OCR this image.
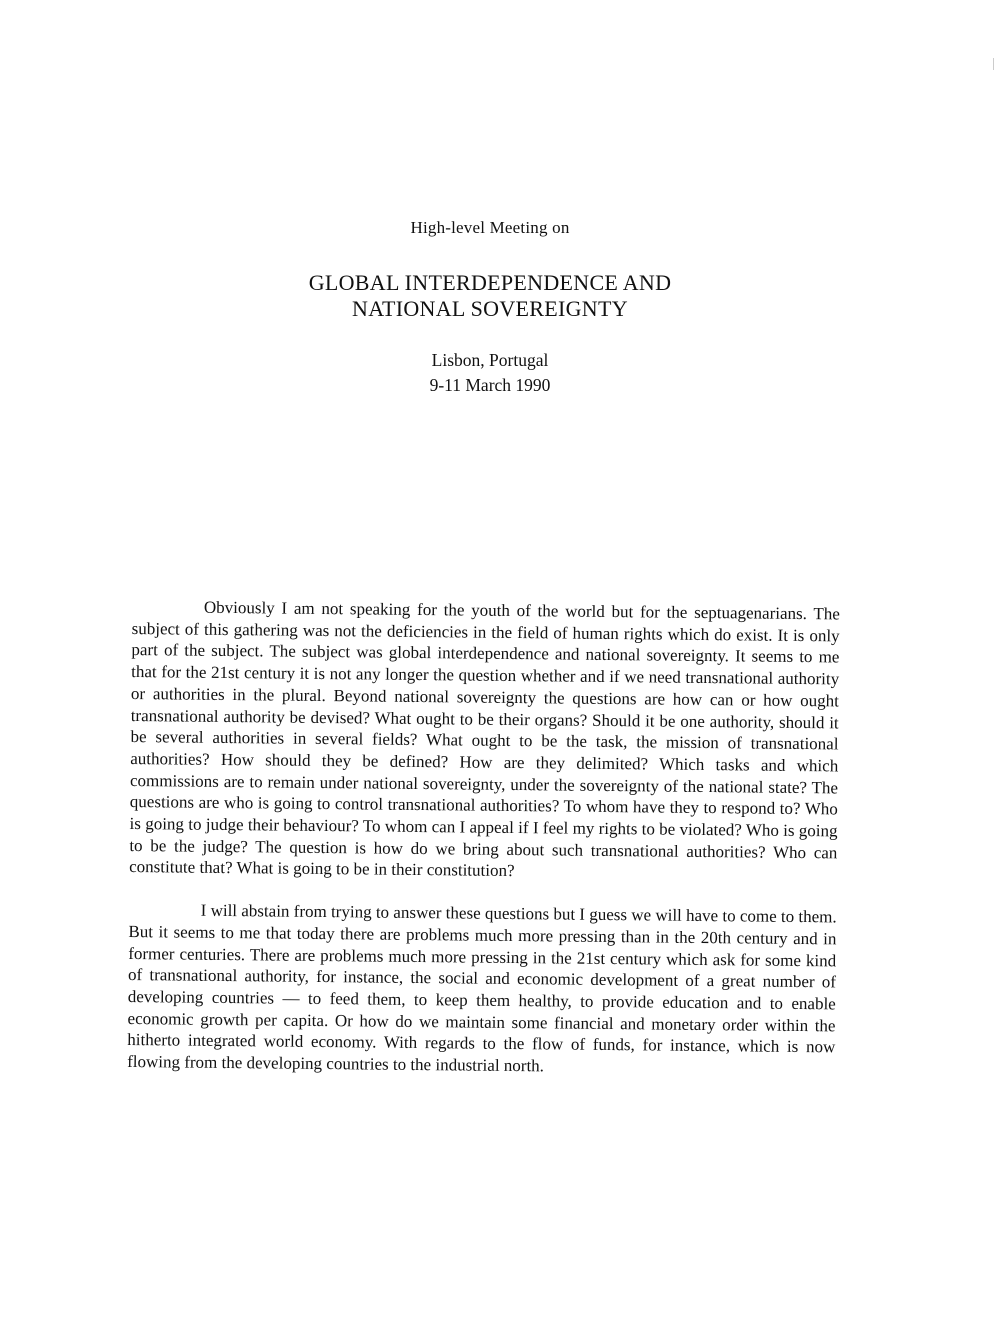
High-level Meeting on
GLOBAL INTERDEPENDENCE AND
NATIONAL SOVEREIGNTY
Lisbon, Portugal
9-11 March 1990

Obviously I am not speaking for the youth of the world but for the septuagenarians. The subject of this gathering was not the deficiencies in the field of human rights which do exist. It is only part of the subject. The subject was global interdependence and national sovereignty. It seems to me that for the 21st century it is not any longer the question whether and if we need transnational authority or authorities in the plural. Beyond national sovereignty the questions are how can or how ought transnational authority be devised? What ought to be their organs? Should it be one authority, should it be several authorities in several fields? What ought to be the task, the mission of transnational authorities? How should they be defined? How are they delimited? Which tasks and which commissions are to remain under national sovereignty, under the sovereignty of the national state? The questions are who is going to control transnational authorities? To whom have they to respond to? Who is going to judge their behaviour? To whom can I appeal if I feel my rights to be violated? Who is going to be the judge? The question is how do we bring about such transnational authorities? Who can constitute that? What is going to be in their constitution?

I will abstain from trying to answer these questions but I guess we will have to come to them. But it seems to me that today there are problems much more pressing than in the 20th century and in former centuries. There are problems much more pressing in the 21st century which ask for some kind of transnational authority, for instance, the social and economic development of a great number of developing countries — to feed them, to keep them healthy, to provide education and to enable economic growth per capita. Or how do we maintain some financial and monetary order within the hitherto integrated world economy. With regards to the flow of funds, for instance, which is now flowing from the developing countries to the industrial north.
